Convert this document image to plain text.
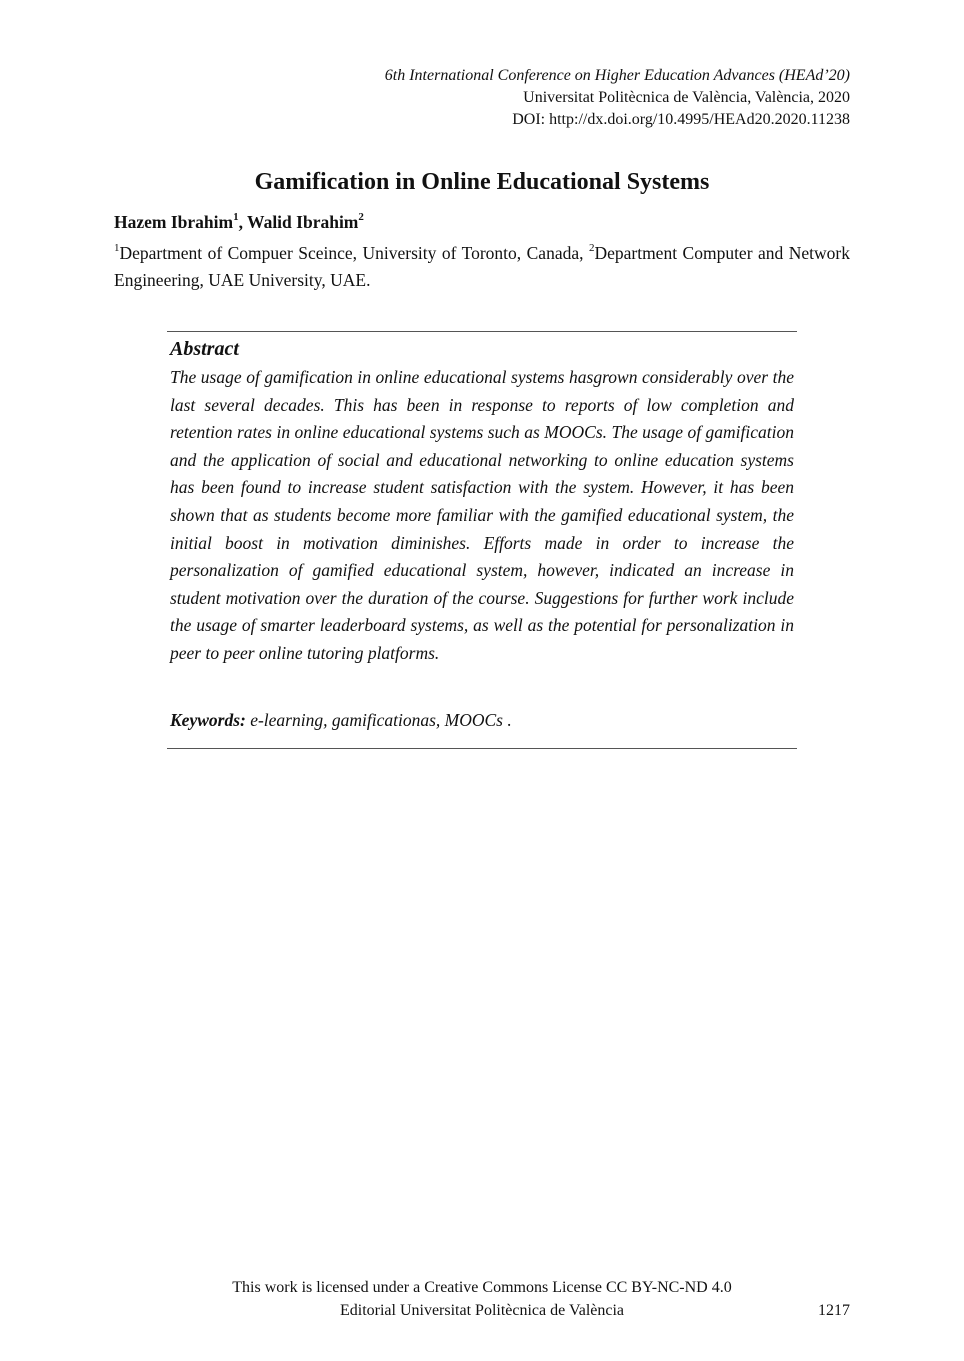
6th International Conference on Higher Education Advances (HEAd’20)
Universitat Politècnica de València, València, 2020
DOI: http://dx.doi.org/10.4995/HEAd20.2020.11238
Gamification in Online Educational Systems
Hazem Ibrahim$^1$, Walid Ibrahim$^2$
$^1$Department of Compuer Sceince, University of Toronto, Canada, $^2$Department Computer and Network Engineering, UAE University, UAE.
Abstract
The usage of gamification in online educational systems hasgrown considerably over the last several decades. This has been in response to reports of low completion and retention rates in online educational systems such as MOOCs. The usage of gamification and the application of social and educational networking to online education systems has been found to increase student satisfaction with the system. However, it has been shown that as students become more familiar with the gamified educational system, the initial boost in motivation diminishes. Efforts made in order to increase the personalization of gamified educational system, however, indicated an increase in student motivation over the duration of the course. Suggestions for further work include the usage of smarter leaderboard systems, as well as the potential for personalization in peer to peer online tutoring platforms.
Keywords: e-learning, gamificationas, MOOCs .
This work is licensed under a Creative Commons License CC BY-NC-ND 4.0
Editorial Universitat Politècnica de València	1217
